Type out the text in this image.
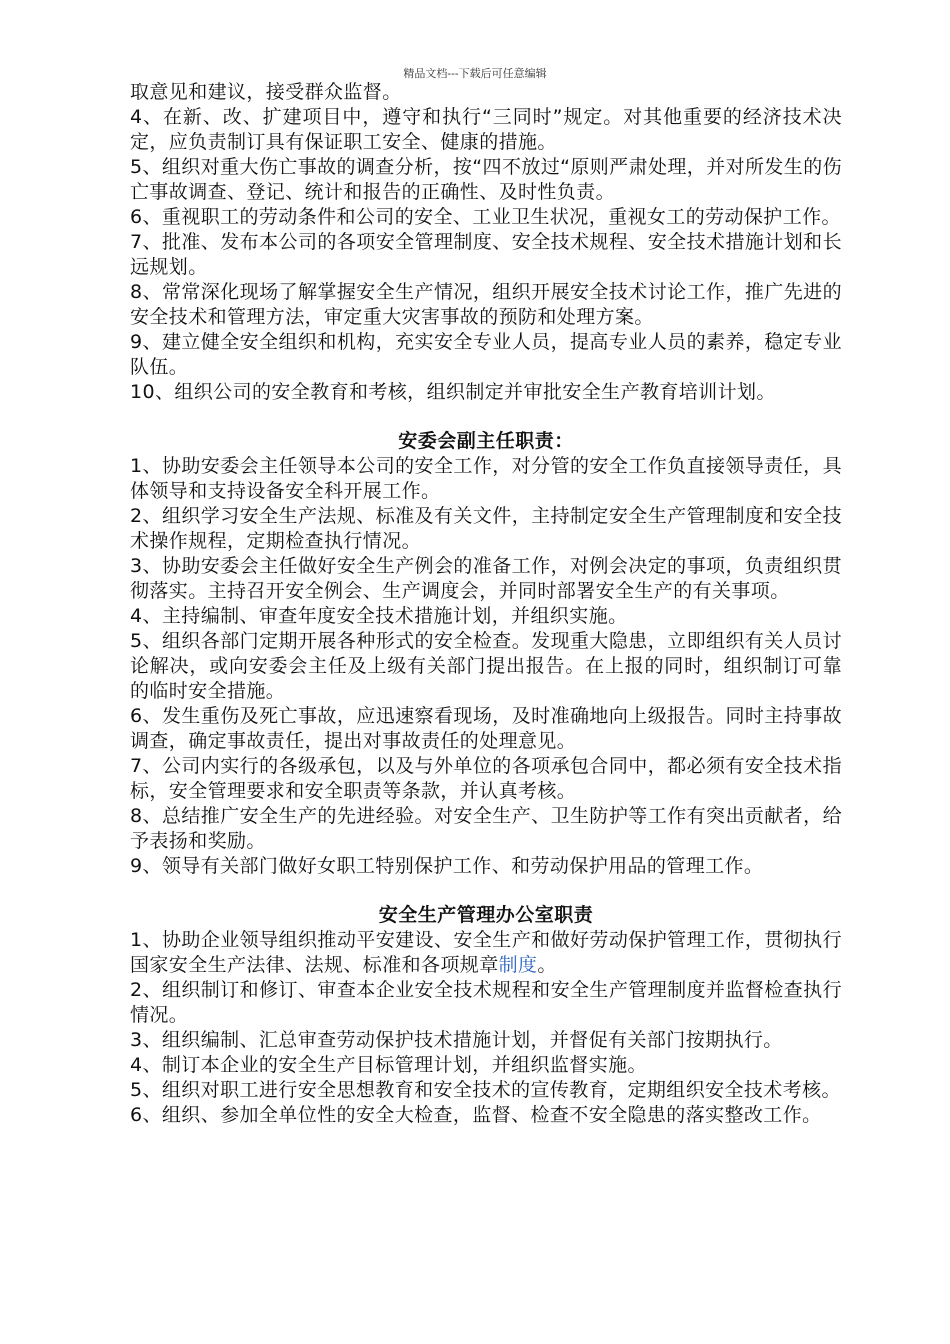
精品文档---下载后可任意编辑

取意见和建议，接受群众监督。

4、在新、改、扩建项目中，遵守和执行“三同时”规定。对其他重要的经济技术决定，应负责制订具有保证职工安全、健康的措施。

5、组织对重大伤亡事故的调查分析，按“四不放过“原则严肃处理，并对所发生的伤亡事故调查、登记、统计和报告的正确性、及时性负责。

6、重视职工的劳动条件和公司的安全、工业卫生状况，重视女工的劳动保护工作。

7、批准、发布本公司的各项安全管理制度、安全技术规程、安全技术措施计划和长远规划。

8、常常深化现场了解掌握安全生产情况，组织开展安全技术讨论工作，推广先进的安全技术和管理方法，审定重大灾害事故的预防和处理方案。

9、建立健全安全组织和机构，充实安全专业人员，提高专业人员的素养，稳定专业队伍。

10、组织公司的安全教育和考核，组织制定并审批安全生产教育培训计划。

安委会副主任职责：

1、协助安委会主任领导本公司的安全工作，对分管的安全工作负直接领导责任，具体领导和支持设备安全科开展工作。

2、组织学习安全生产法规、标准及有关文件，主持制定安全生产管理制度和安全技术操作规程，定期检查执行情况。

3、协助安委会主任做好安全生产例会的准备工作，对例会决定的事项，负责组织贯彻落实。主持召开安全例会、生产调度会，并同时部署安全生产的有关事项。

4、主持编制、审查年度安全技术措施计划，并组织实施。

5、组织各部门定期开展各种形式的安全检查。发现重大隐患，立即组织有关人员讨论解决，或向安委会主任及上级有关部门提出报告。在上报的同时，组织制订可靠的临时安全措施。

6、发生重伤及死亡事故，应迅速察看现场，及时准确地向上级报告。同时主持事故调查，确定事故责任，提出对事故责任的处理意见。

7、公司内实行的各级承包，以及与外单位的各项承包合同中，都必须有安全技术指标，安全管理要求和安全职责等条款，并认真考核。

8、总结推广安全生产的先进经验。对安全生产、卫生防护等工作有突出贡献者，给予表扬和奖励。

9、领导有关部门做好女职工特别保护工作、和劳动保护用品的管理工作。

安全生产管理办公室职责

1、协助企业领导组织推动平安建设、安全生产和做好劳动保护管理工作，贯彻执行国家安全生产法律、法规、标准和各项规章制度。

2、组织制订和修订、审查本企业安全技术规程和安全生产管理制度并监督检查执行情况。

3、组织编制、汇总审查劳动保护技术措施计划，并督促有关部门按期执行。

4、制订本企业的安全生产目标管理计划，并组织监督实施。

5、组织对职工进行安全思想教育和安全技术的宣传教育，定期组织安全技术考核。

6、组织、参加全单位性的安全大检查，监督、检查不安全隐患的落实整改工作。
